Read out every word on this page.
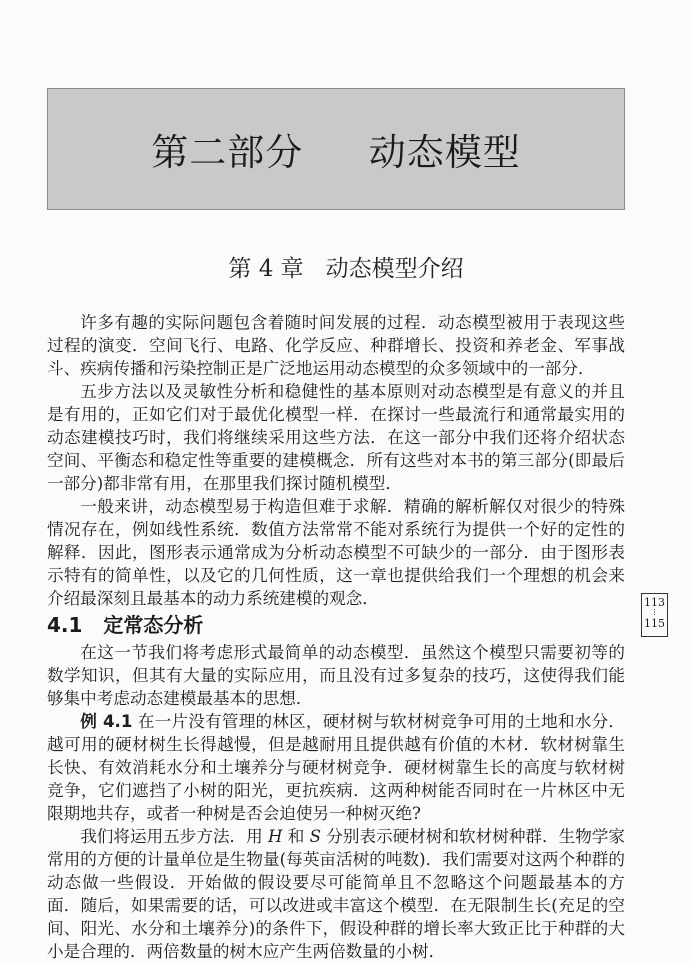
第二部分  动态模型
第 4 章   动态模型介绍

许多有趣的实际问题包含着随时间发展的过程．动态模型被用于表现这些过程的演变．空间飞行、电路、化学反应、种群增长、投资和养老金、军事战斗、疾病传播和污染控制正是广泛地运用动态模型的众多领域中的一部分．

五步方法以及灵敏性分析和稳健性的基本原则对动态模型是有意义的并且是有用的，正如它们对于最优化模型一样．在探讨一些最流行和通常最实用的动态建模技巧时，我们将继续采用这些方法．在这一部分中我们还将介绍状态空间、平衡态和稳定性等重要的建模概念．所有这些对本书的第三部分(即最后一部分)都非常有用，在那里我们探讨随机模型．

一般来讲，动态模型易于构造但难于求解．精确的解析解仅对很少的特殊情况存在，例如线性系统．数值方法常常不能对系统行为提供一个好的定性的解释．因此，图形表示通常成为分析动态模型不可缺少的一部分．由于图形表示特有的简单性，以及它的几何性质，这一章也提供给我们一个理想的机会来介绍最深刻且最基本的动力系统建模的观念．

4.1   定常态分析

在这一节我们将考虑形式最简单的动态模型．虽然这个模型只需要初等的数学知识，但其有大量的实际应用，而且没有过多复杂的技巧，这使得我们能够集中考虑动态建模最基本的思想．

例 4.1 在一片没有管理的林区，硬材树与软材树竞争可用的土地和水分．越可用的硬材树生长得越慢，但是越耐用且提供越有价值的木材．软材树靠生长快、有效消耗水分和土壤养分与硬材树竞争．硬材树靠生长的高度与软材树竞争，它们遮挡了小树的阳光，更抗疾病．这两种树能否同时在一片林区中无限期地共存，或者一种树是否会迫使另一种树灭绝?

我们将运用五步方法．用 H 和 S 分别表示硬材树和软材树种群．生物学家常用的方便的计量单位是生物量(每英亩活树的吨数)．我们需要对这两个种群的动态做一些假设．开始做的假设要尽可能简单且不忽略这个问题最基本的方面．随后，如果需要的话，可以改进或丰富这个模型．在无限制生长(充足的空间、阳光、水分和土壤养分)的条件下，假设种群的增长率大致正比于种群的大小是合理的．两倍数量的树木应产生两倍数量的小树．

113
⁞
115
